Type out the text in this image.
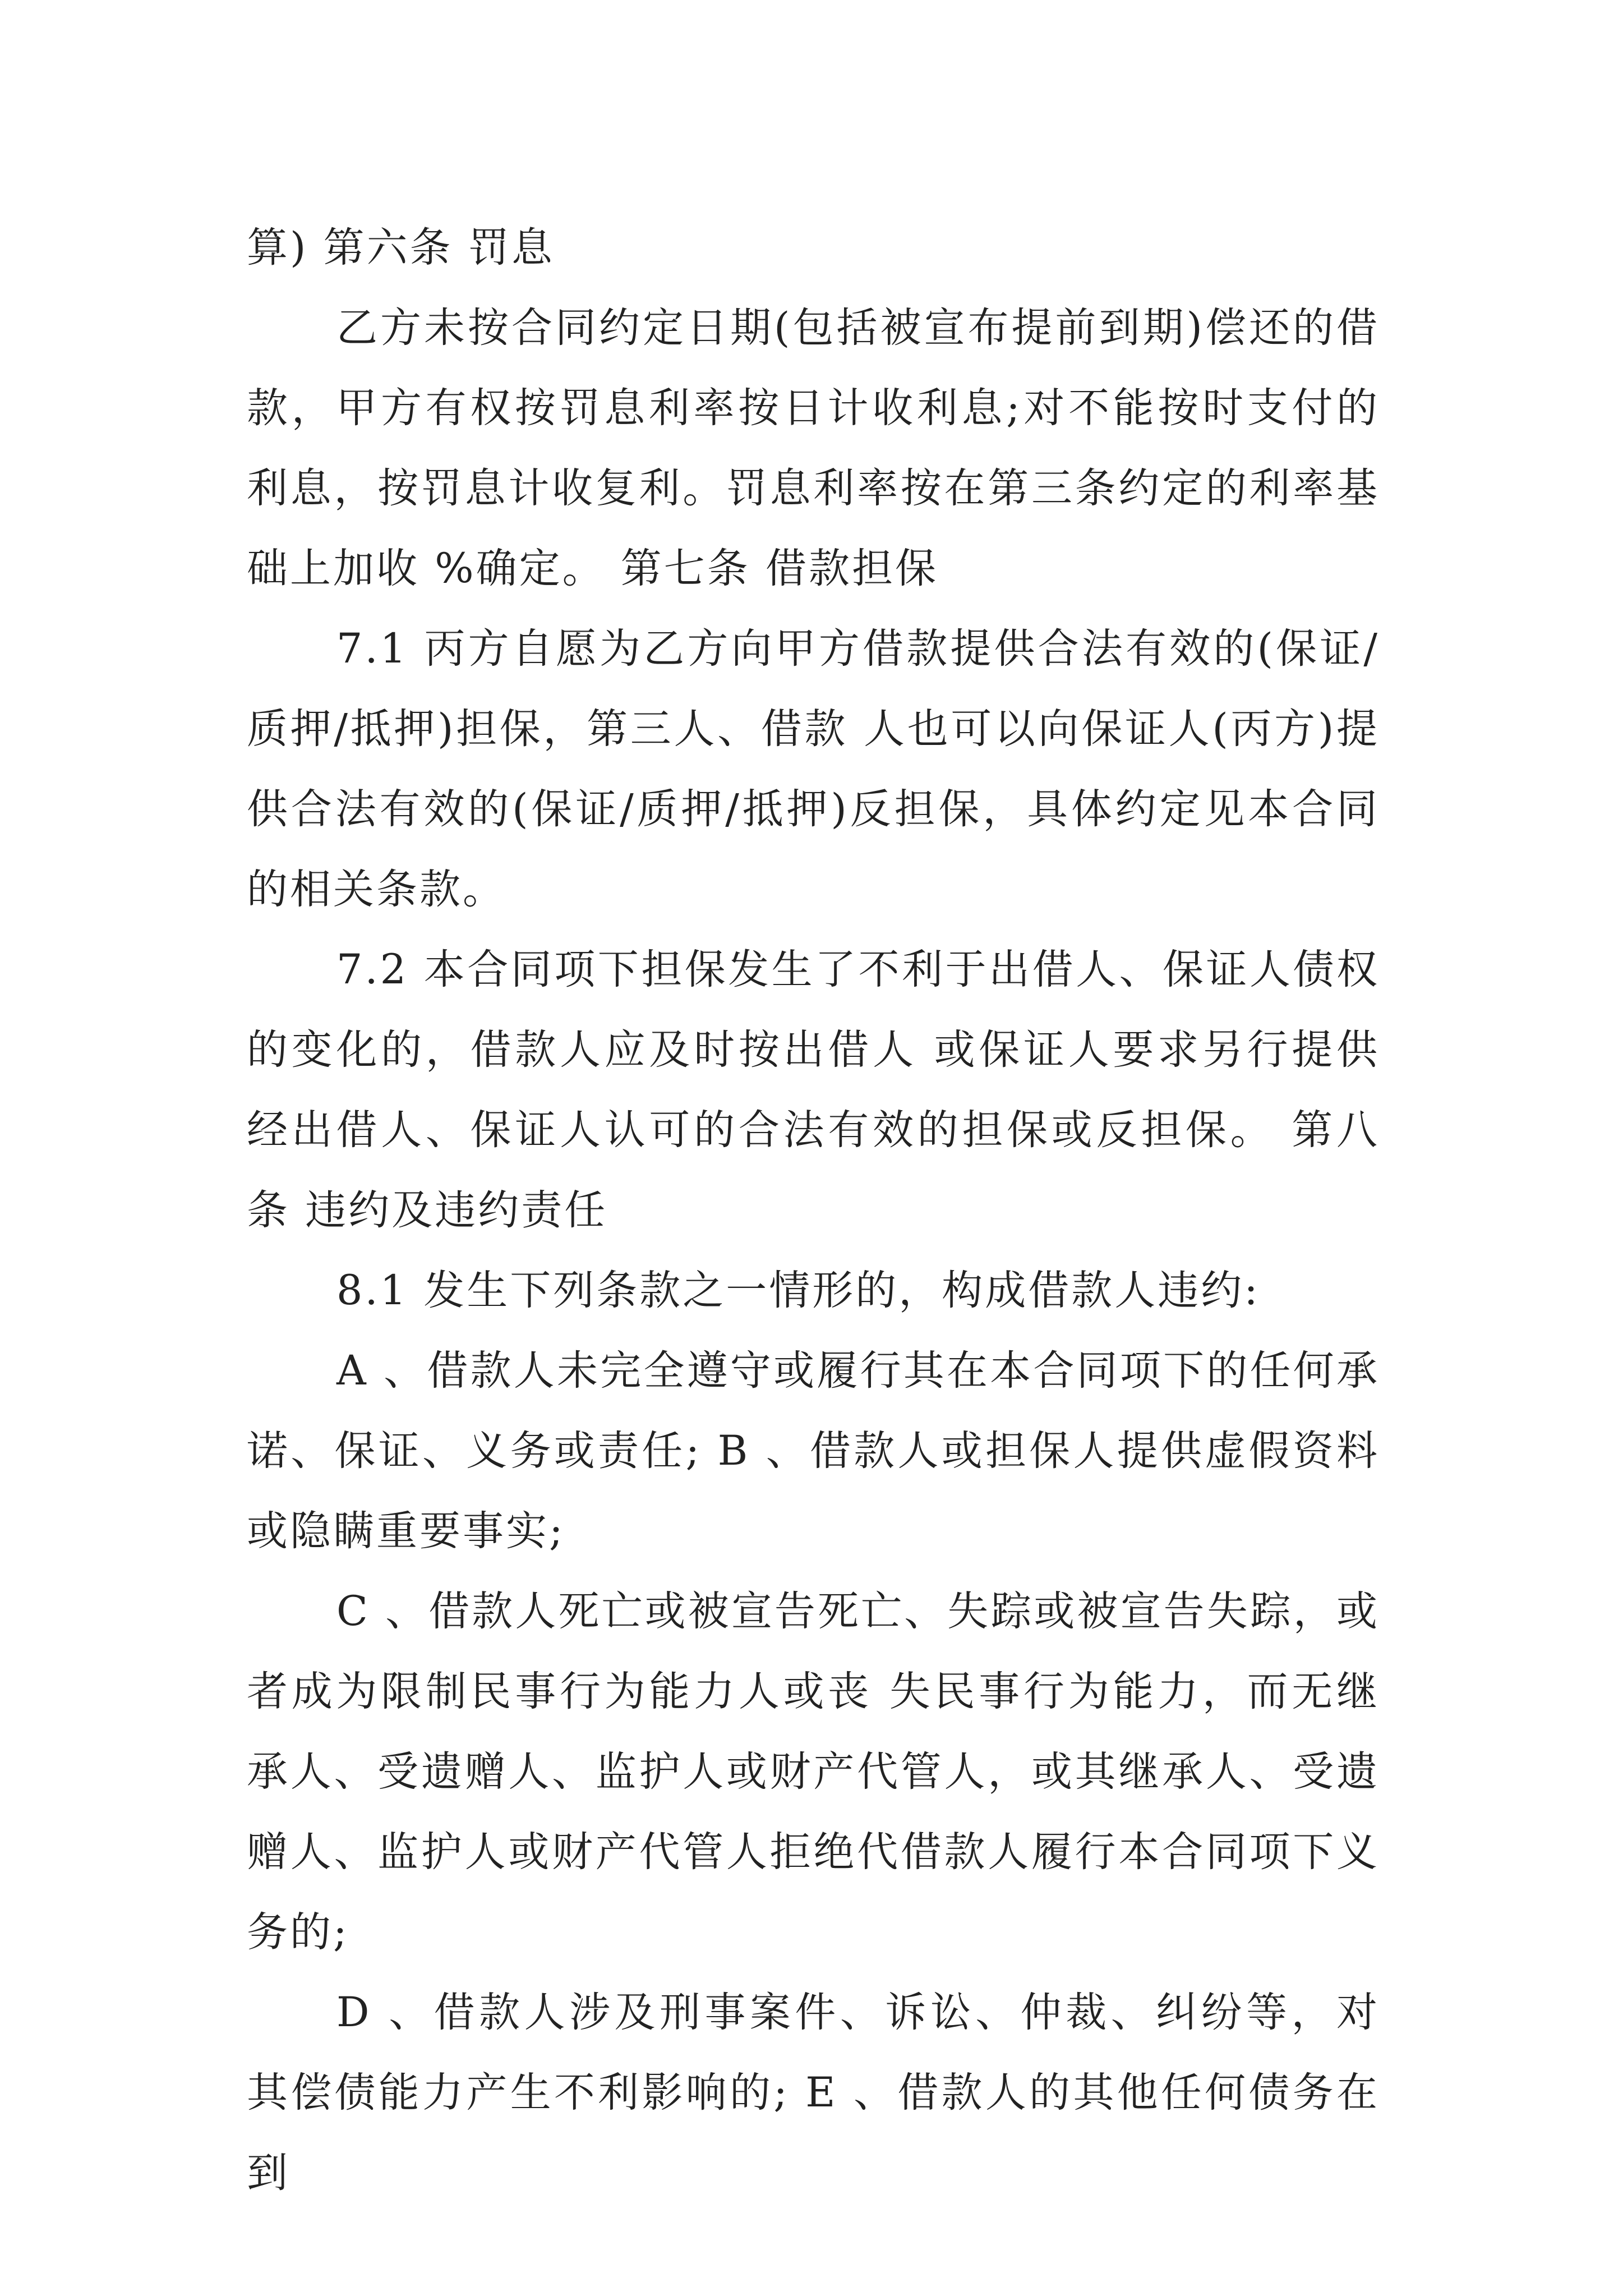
算) 第六条 罚息

乙方未按合同约定日期(包括被宣布提前到期)偿还的借款，甲方有权按罚息利率按日计收利息;对不能按时支付的利息，按罚息计收复利。罚息利率按在第三条约定的利率基础上加收 %确定。 第七条 借款担保

7.1 丙方自愿为乙方向甲方借款提供合法有效的(保证/质押/抵押)担保，第三人、借款 人也可以向保证人(丙方)提供合法有效的(保证/质押/抵押)反担保，具体约定见本合同的相关条款。

7.2 本合同项下担保发生了不利于出借人、保证人债权的变化的，借款人应及时按出借人 或保证人要求另行提供经出借人、保证人认可的合法有效的担保或反担保。 第八条 违约及违约责任

8.1 发生下列条款之一情形的，构成借款人违约:

A 、借款人未完全遵守或履行其在本合同项下的任何承诺、保证、义务或责任; B 、借款人或担保人提供虚假资料或隐瞒重要事实;

C 、借款人死亡或被宣告死亡、失踪或被宣告失踪，或者成为限制民事行为能力人或丧 失民事行为能力，而无继承人、受遗赠人、监护人或财产代管人，或其继承人、受遗赠人、监护人或财产代管人拒绝代借款人履行本合同项下义务的;

D 、借款人涉及刑事案件、诉讼、仲裁、纠纷等，对其偿债能力产生不利影响的; E 、借款人的其他任何债务在到
